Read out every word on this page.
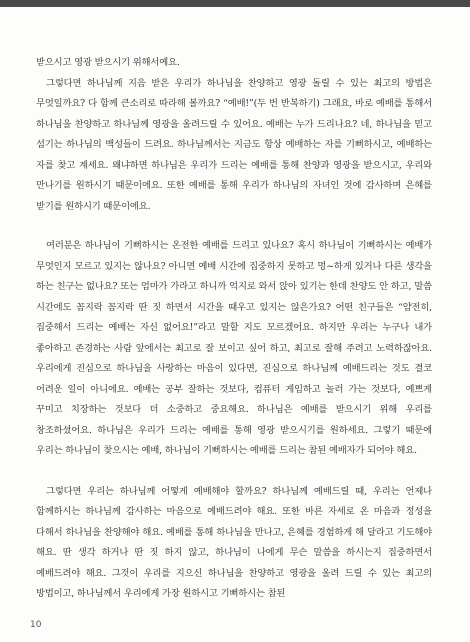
받으시고 영광 받으시기 위해서예요.

그렇다면 하나님께 지음 받은 우리가 하나님을 찬양하고 영광 돌릴 수 있는 최고의 방법은 무엇일까요? 다 함께 큰소리로 따라해 볼까요? “예배!”(두 번 반복하기) 그래요, 바로 예배를 통해서 하나님을 찬양하고 하나님께 영광을 올려드릴 수 있어요. 예배는 누가 드리나요? 네, 하나님을 믿고 섬기는 하나님의 백성들이 드려요. 하나님께서는 지금도 항상 예배하는 자를 기뻐하시고, 예배하는 자를 찾고 계세요. 왜냐하면 하나님은 우리가 드리는 예배를 통해 찬양과 영광을 받으시고, 우리와 만나기를 원하시기 때문이에요. 또한 예배를 통해 우리가 하나님의 자녀인 것에 감사하며 은혜를 받기를 원하시기 때문이에요.

여러분은 하나님이 기뻐하시는 온전한 예배를 드리고 있나요? 혹시 하나님이 기뻐하시는 예배가 무엇인지 모르고 있지는 않나요? 아니면 예배 시간에 집중하지 못하고 멍~하게 있거나 다른 생각을 하는 친구는 없나요? 또는 엄마가 가라고 하니까 억지로 와서 앉아 있기는 한데 찬양도 안 하고, 말씀 시간에도 꼼지락 꼼지락 딴 짓 하면서 시간을 때우고 있지는 않은가요? 어떤 친구들은 “얌전히, 집중해서 드리는 예배는 자신 없어요!”라고 말할 지도 모르겠어요. 하지만 우리는 누구나 내가 좋아하고 존경하는 사람 앞에서는 최고로 잘 보이고 싶어 하고, 최고로 잘해 주려고 노력하잖아요. 우리에게 진심으로 하나님을 사랑하는 마음이 있다면, 진심으로 하나님께 예배드리는 것도 결코 어려운 일이 아니에요. 예배는 공부 잘하는 것보다, 컴퓨터 게임하고 놀러 가는 것보다, 예쁘게 꾸미고 치장하는 것보다 더 소중하고 중요해요. 하나님은 예배를 받으시기 위해 우리를 창조하셨어요. 하나님은 우리가 드리는 예배를 통해 영광 받으시기를 원하세요. 그렇기 때문에 우리는 하나님이 찾으시는 예배, 하나님이 기뻐하시는 예배를 드리는 참된 예배자가 되어야 해요.

그렇다면 우리는 하나님께 어떻게 예배해야 할까요? 하나님께 예배드릴 때, 우리는 언제나 함께하시는 하나님께 감사하는 마음으로 예배드려야 해요. 또한 바른 자세로 온 마음과 정성을 다해서 하나님을 찬양해야 해요. 예배를 통해 하나님을 만나고, 은혜를 경험하게 해 달라고 기도해야 해요. 딴 생각 하거나 딴 짓 하지 않고, 하나님이 나에게 무슨 말씀을 하시는지 집중하면서 예배드려야 해요. 그것이 우리를 지으신 하나님을 찬양하고 영광을 올려 드릴 수 있는 최고의 방법이고, 하나님께서 우리에게 가장 원하시고 기뻐하시는 참된

10
